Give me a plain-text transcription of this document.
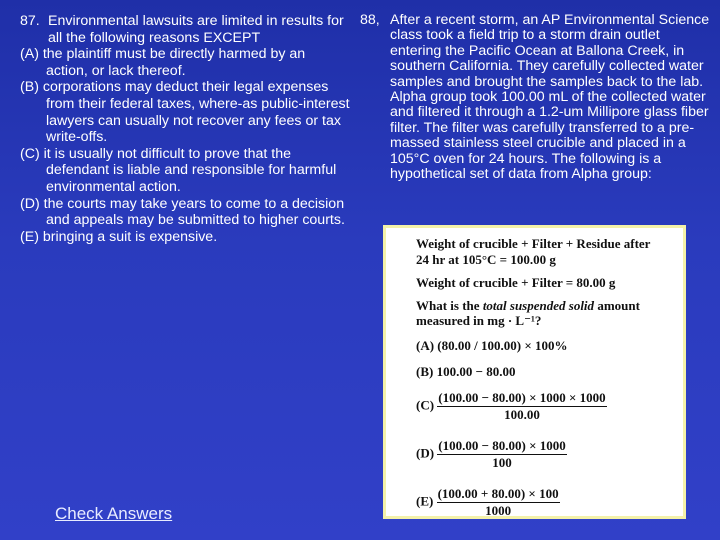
87. Environmental lawsuits are limited in results for all the following reasons EXCEPT

(A) the plaintiff must be directly harmed by an action, or lack thereof.

(B) corporations may deduct their legal expenses from their federal taxes, where-as public-interest lawyers can usually not recover any fees or tax write-offs.

(C) it is usually not difficult to prove that the defendant is liable and responsible for harmful environmental action.

(D) the courts may take years to come to a decision and appeals may be submitted to higher courts.

(E) bringing a suit is expensive.

88, After a recent storm, an AP Environmental Science class took a field trip to a storm drain outlet entering the Pacific Ocean at Ballona Creek, in southern California. They carefully collected water samples and brought the samples back to the lab. Alpha group took 100.00 mL of the collected water and filtered it through a 1.2-um Millipore glass fiber filter. The filter was carefully transferred to a pre-massed stainless steel crucible and placed in a 105°C oven for 24 hours. The following is a hypothetical set of data from Alpha group:

Check Answers

Weight of crucible + Filter + Residue after

24 hr at 105°C = 100.00 g

Weight of crucible + Filter = 80.00 g

What is the total suspended solid amount
measured in mg · L⁻¹?
(A) (80.00 / 100.00) × 100%
(B) 100.00 − 80.00
$(C) \frac{(100.00 - 80.00) \times 1000 \times 1000}{100.00}$
$(D) \frac{(100.00 - 80.00) \times 1000}{100}$
$(E) \frac{(100.00 + 80.00) \times 100}{1000}$
